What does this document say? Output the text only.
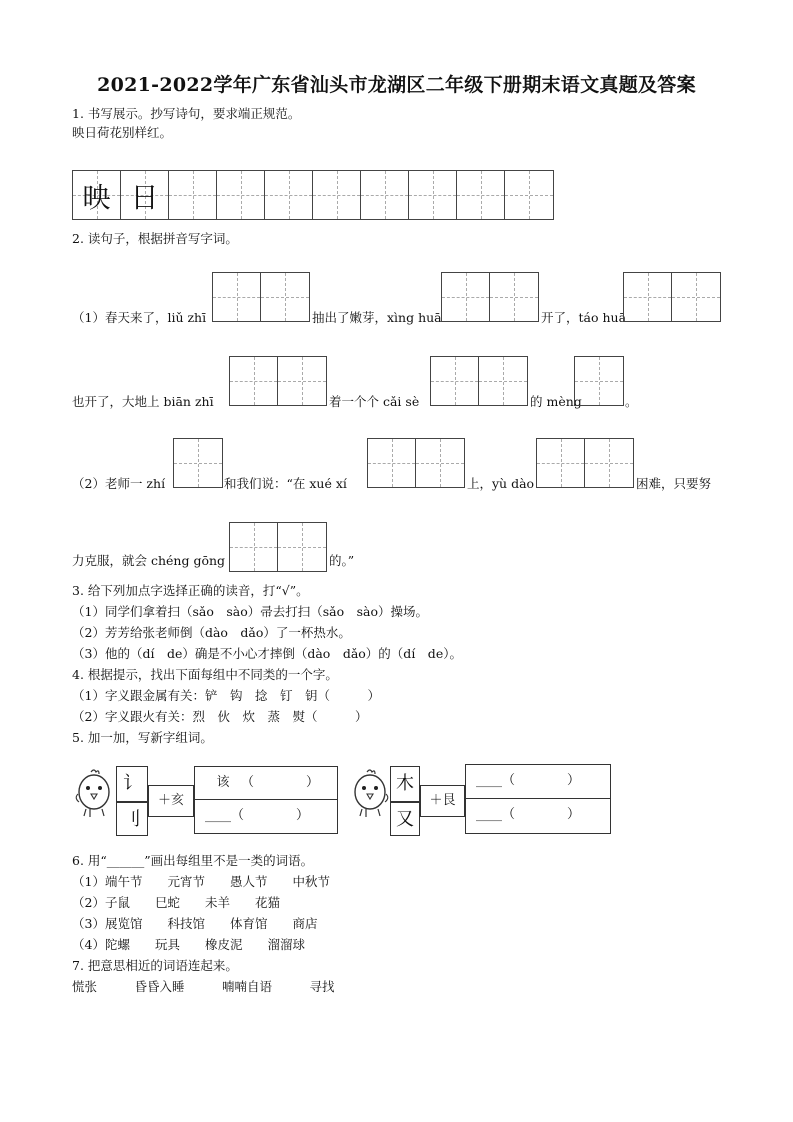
2021-2022学年广东省汕头市龙湖区二年级下册期末语文真题及答案
1. 书写展示。抄写诗句，要求端正规范。
映日荷花别样红。
映 日
2. 读句子，根据拼音写字词。
（1）春天来了，liǔ zhī	抽出了嫩芽，xìng huā	开了，táo huā
也开了，大地上 biān zhī	着一个个 cǎi sè	的 mèng	。
（2）老师一 zhí	和我们说：“在 xué xí	上，yù dào	困难，只要努
力克服，就会 chéng gōng	的。”
3. 给下列加点字选择正确的读音，打“√”。
（1）同学们拿着扫（sǎo　sào）帚去打扫（sǎo　sào）操场。
（2）芳芳给张老师倒（dào　dǎo）了一杯热水。
（3）他的（dí　de）确是不小心才摔倒（dào　dǎo）的（dí　de）。
4. 根据提示，找出下面每组中不同类的一个字。
（1）字义跟金属有关：铲　钩　捻　钉　钥（　　　）
（2）字义跟火有关：烈　伙　炊　蒸　熨（　　　）
5. 加一加，写新字组词。
讠
刂
＋亥
该 （　　　　）
____（　　　　）
木
又
＋艮
____（　　　　）
____（　　　　）
6. 用“______”画出每组里不是一类的词语。
（1）端午节　　元宵节　　愚人节　　中秋节
（2）子鼠　　巳蛇　　未羊　　花猫
（3）展览馆　　科技馆　　体育馆　　商店
（4）陀螺　　玩具　　橡皮泥　　溜溜球
7. 把意思相近的词语连起来。
慌张　　　昏昏入睡　　　喃喃自语　　　寻找
